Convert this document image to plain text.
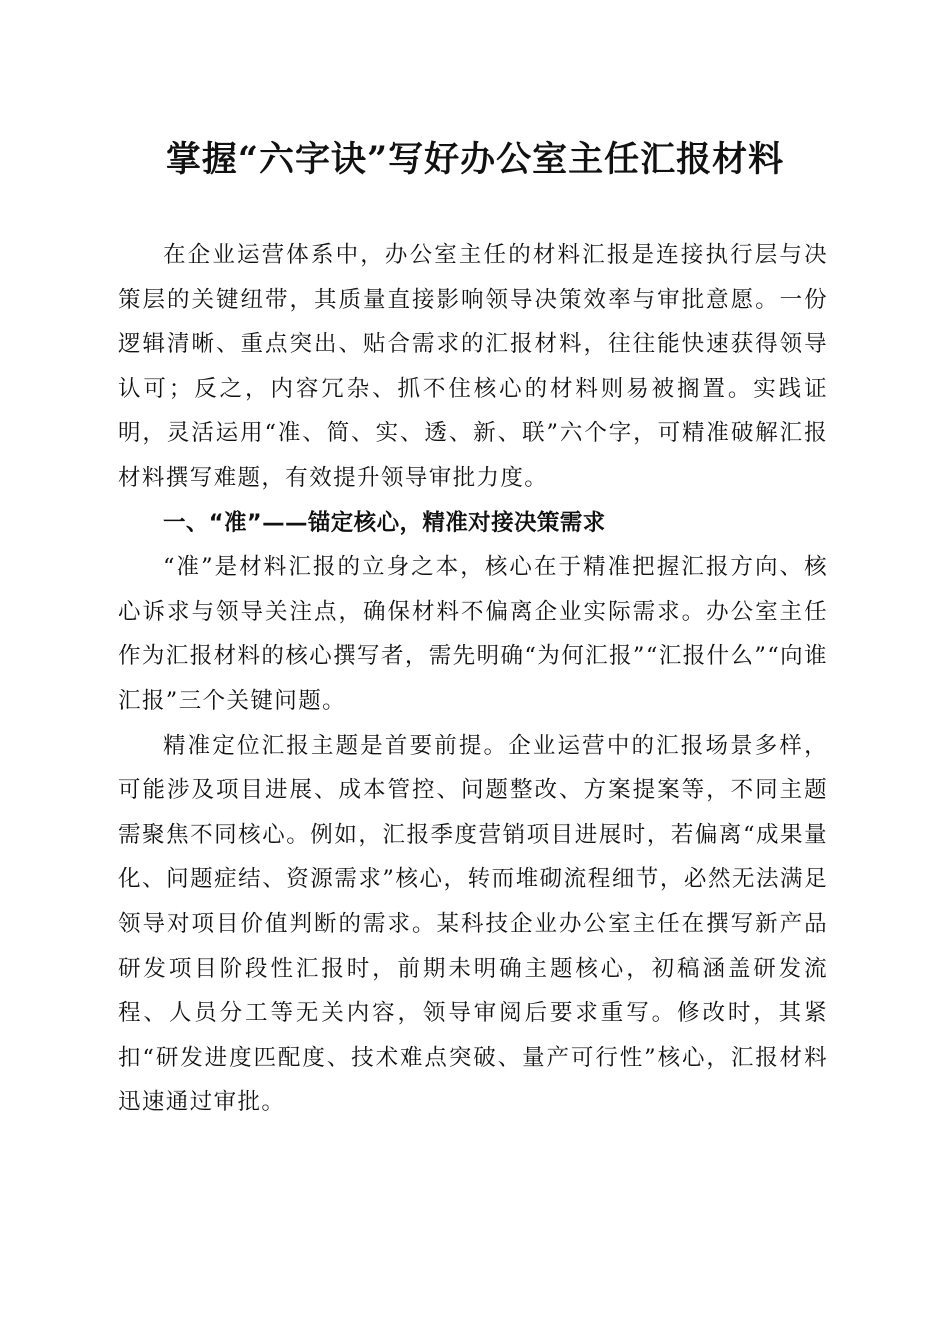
掌握“六字诀”写好办公室主任汇报材料

在企业运营体系中，办公室主任的材料汇报是连接执行层与决策层的关键纽带，其质量直接影响领导决策效率与审批意愿。一份逻辑清晰、重点突出、贴合需求的汇报材料，往往能快速获得领导认可；反之，内容冗杂、抓不住核心的材料则易被搁置。实践证明，灵活运用“准、简、实、透、新、联”六个字，可精准破解汇报材料撰写难题，有效提升领导审批力度。

一、“准”——锚定核心，精准对接决策需求

“准”是材料汇报的立身之本，核心在于精准把握汇报方向、核心诉求与领导关注点，确保材料不偏离企业实际需求。办公室主任作为汇报材料的核心撰写者，需先明确“为何汇报”“汇报什么”“向谁汇报”三个关键问题。

精准定位汇报主题是首要前提。企业运营中的汇报场景多样，可能涉及项目进展、成本管控、问题整改、方案提案等，不同主题需聚焦不同核心。例如，汇报季度营销项目进展时，若偏离“成果量化、问题症结、资源需求”核心，转而堆砌流程细节，必然无法满足领导对项目价值判断的需求。某科技企业办公室主任在撰写新产品研发项目阶段性汇报时，前期未明确主题核心，初稿涵盖研发流程、人员分工等无关内容，领导审阅后要求重写。修改时，其紧扣“研发进度匹配度、技术难点突破、量产可行性”核心，汇报材料迅速通过审批。
